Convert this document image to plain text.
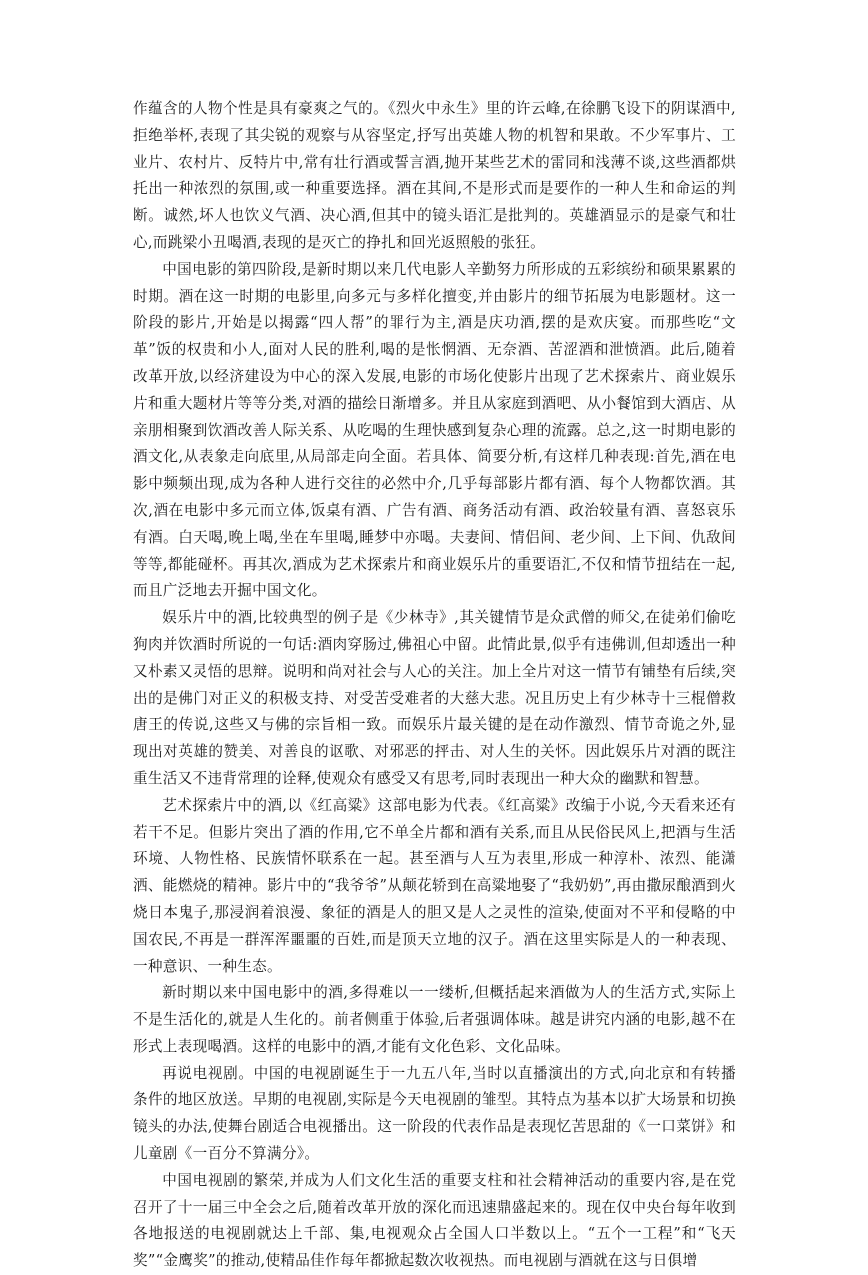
作蕴含的人物个性是具有豪爽之气的。《烈火中永生》里的许云峰,在徐鹏飞设下的阴谋酒中,拒绝举杯,表现了其尖锐的观察与从容坚定,抒写出英雄人物的机智和果敢。不少军事片、工业片、农村片、反特片中,常有壮行酒或誓言酒,抛开某些艺术的雷同和浅薄不谈,这些酒都烘托出一种浓烈的氛围,或一种重要选择。酒在其间,不是形式而是要作的一种人生和命运的判断。诚然,坏人也饮义气酒、决心酒,但其中的镜头语汇是批判的。英雄酒显示的是豪气和壮心,而跳梁小丑喝酒,表现的是灭亡的挣扎和回光返照般的张狂。

中国电影的第四阶段,是新时期以来几代电影人辛勤努力所形成的五彩缤纷和硕果累累的时期。酒在这一时期的电影里,向多元与多样化擅变,并由影片的细节拓展为电影题材。这一阶段的影片,开始是以揭露“四人帮”的罪行为主,酒是庆功酒,摆的是欢庆宴。而那些吃“文革”饭的权贵和小人,面对人民的胜利,喝的是怅惘酒、无奈酒、苦涩酒和泄愤酒。此后,随着改革开放,以经济建设为中心的深入发展,电影的市场化使影片出现了艺术探索片、商业娱乐片和重大题材片等等分类,对酒的描绘日渐增多。并且从家庭到酒吧、从小餐馆到大酒店、从亲朋相聚到饮酒改善人际关系、从吃喝的生理快感到复杂心理的流露。总之,这一时期电影的酒文化,从表象走向底里,从局部走向全面。若具体、简要分析,有这样几种表现:首先,酒在电影中频频出现,成为各种人进行交往的必然中介,几乎每部影片都有酒、每个人物都饮酒。其次,酒在电影中多元而立体,饭桌有酒、广告有酒、商务活动有酒、政治较量有酒、喜怒哀乐有酒。白天喝,晚上喝,坐在车里喝,睡梦中亦喝。夫妻间、情侣间、老少间、上下间、仇敌间等等,都能碰杯。再其次,酒成为艺术探索片和商业娱乐片的重要语汇,不仅和情节扭结在一起,而且广泛地去开掘中国文化。

娱乐片中的酒,比较典型的例子是《少林寺》,其关键情节是众武僧的师父,在徒弟们偷吃狗肉并饮酒时所说的一句话:酒肉穿肠过,佛祖心中留。此情此景,似乎有违佛训,但却透出一种又朴素又灵悟的思辩。说明和尚对社会与人心的关注。加上全片对这一情节有铺垫有后续,突出的是佛门对正义的积极支持、对受苦受难者的大慈大悲。况且历史上有少林寺十三棍僧救唐王的传说,这些又与佛的宗旨相一致。而娱乐片最关键的是在动作激烈、情节奇诡之外,显现出对英雄的赞美、对善良的讴歌、对邪恶的抨击、对人生的关怀。因此娱乐片对酒的既注重生活又不违背常理的诠释,使观众有感受又有思考,同时表现出一种大众的幽默和智慧。

艺术探索片中的酒,以《红高粱》这部电影为代表。《红高粱》改编于小说,今天看来还有若干不足。但影片突出了酒的作用,它不单全片都和酒有关系,而且从民俗民风上,把酒与生活环境、人物性格、民族情怀联系在一起。甚至酒与人互为表里,形成一种淳朴、浓烈、能潇洒、能燃烧的精神。影片中的“我爷爷”从颠花轿到在高粱地娶了“我奶奶”,再由撒尿酿酒到火烧日本鬼子,那浸润着浪漫、象征的酒是人的胆又是人之灵性的渲染,使面对不平和侵略的中国农民,不再是一群浑浑噩噩的百姓,而是顶天立地的汉子。酒在这里实际是人的一种表现、一种意识、一种生态。

新时期以来中国电影中的酒,多得难以一一缕析,但概括起来酒做为人的生活方式,实际上不是生活化的,就是人生化的。前者侧重于体验,后者强调体味。越是讲究内涵的电影,越不在形式上表现喝酒。这样的电影中的酒,才能有文化色彩、文化品味。

再说电视剧。中国的电视剧诞生于一九五八年,当时以直播演出的方式,向北京和有转播条件的地区放送。早期的电视剧,实际是今天电视剧的雏型。其特点为基本以扩大场景和切换镜头的办法,使舞台剧适合电视播出。这一阶段的代表作品是表现忆苦思甜的《一口菜饼》和儿童剧《一百分不算满分》。

中国电视剧的繁荣,并成为人们文化生活的重要支柱和社会精神活动的重要内容,是在党召开了十一届三中全会之后,随着改革开放的深化而迅速鼎盛起来的。现在仅中央台每年收到各地报送的电视剧就达上千部、集,电视观众占全国人口半数以上。“五个一工程”和“飞天奖”“金鹰奖”的推动,使精品佳作每年都掀起数次收视热。而电视剧与酒就在这与日俱增
